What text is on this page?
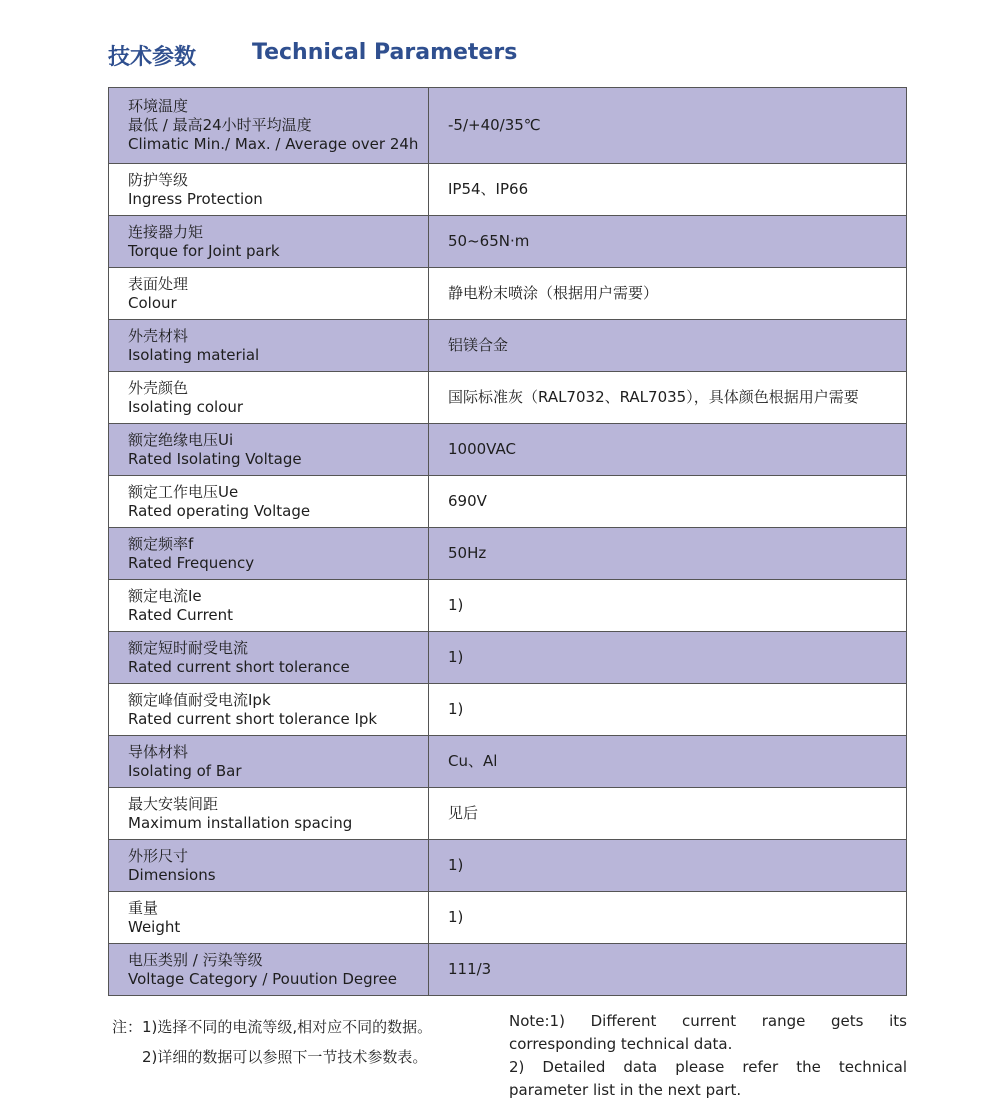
技术参数	Technical Parameters
环境温度
最低 / 最高24小时平均温度
Climatic Min./ Max. / Average over 24h	-5/+40/35℃

防护等级
Ingress Protection	IP54、IP66

连接器力矩
Torque for Joint park	50~65N·m

表面处理
Colour	静电粉末喷涂（根据用户需要）

外壳材料
Isolating material	铝镁合金

外壳颜色
Isolating colour	国际标准灰（RAL7032、RAL7035），具体颜色根据用户需要

额定绝缘电压Ui
Rated Isolating Voltage	1000VAC

额定工作电压Ue
Rated operating Voltage	690V

额定频率f
Rated Frequency	50Hz

额定电流Ie
Rated Current	1)

额定短时耐受电流
Rated current short tolerance	1)

额定峰值耐受电流Ipk
Rated current short tolerance Ipk	1)

导体材料
Isolating of Bar	Cu、Al

最大安装间距
Maximum installation spacing	见后

外形尺寸
Dimensions	1)

重量
Weight	1)

电压类别 / 污染等级
Voltage Category / Pouution Degree	111/3
注：1)选择不同的电流等级,相对应不同的数据。
2)详细的数据可以参照下一节技术参数表。

Note:1) Different current range gets its corresponding technical data.

2) Detailed data please refer the technical parameter list in the next part.
